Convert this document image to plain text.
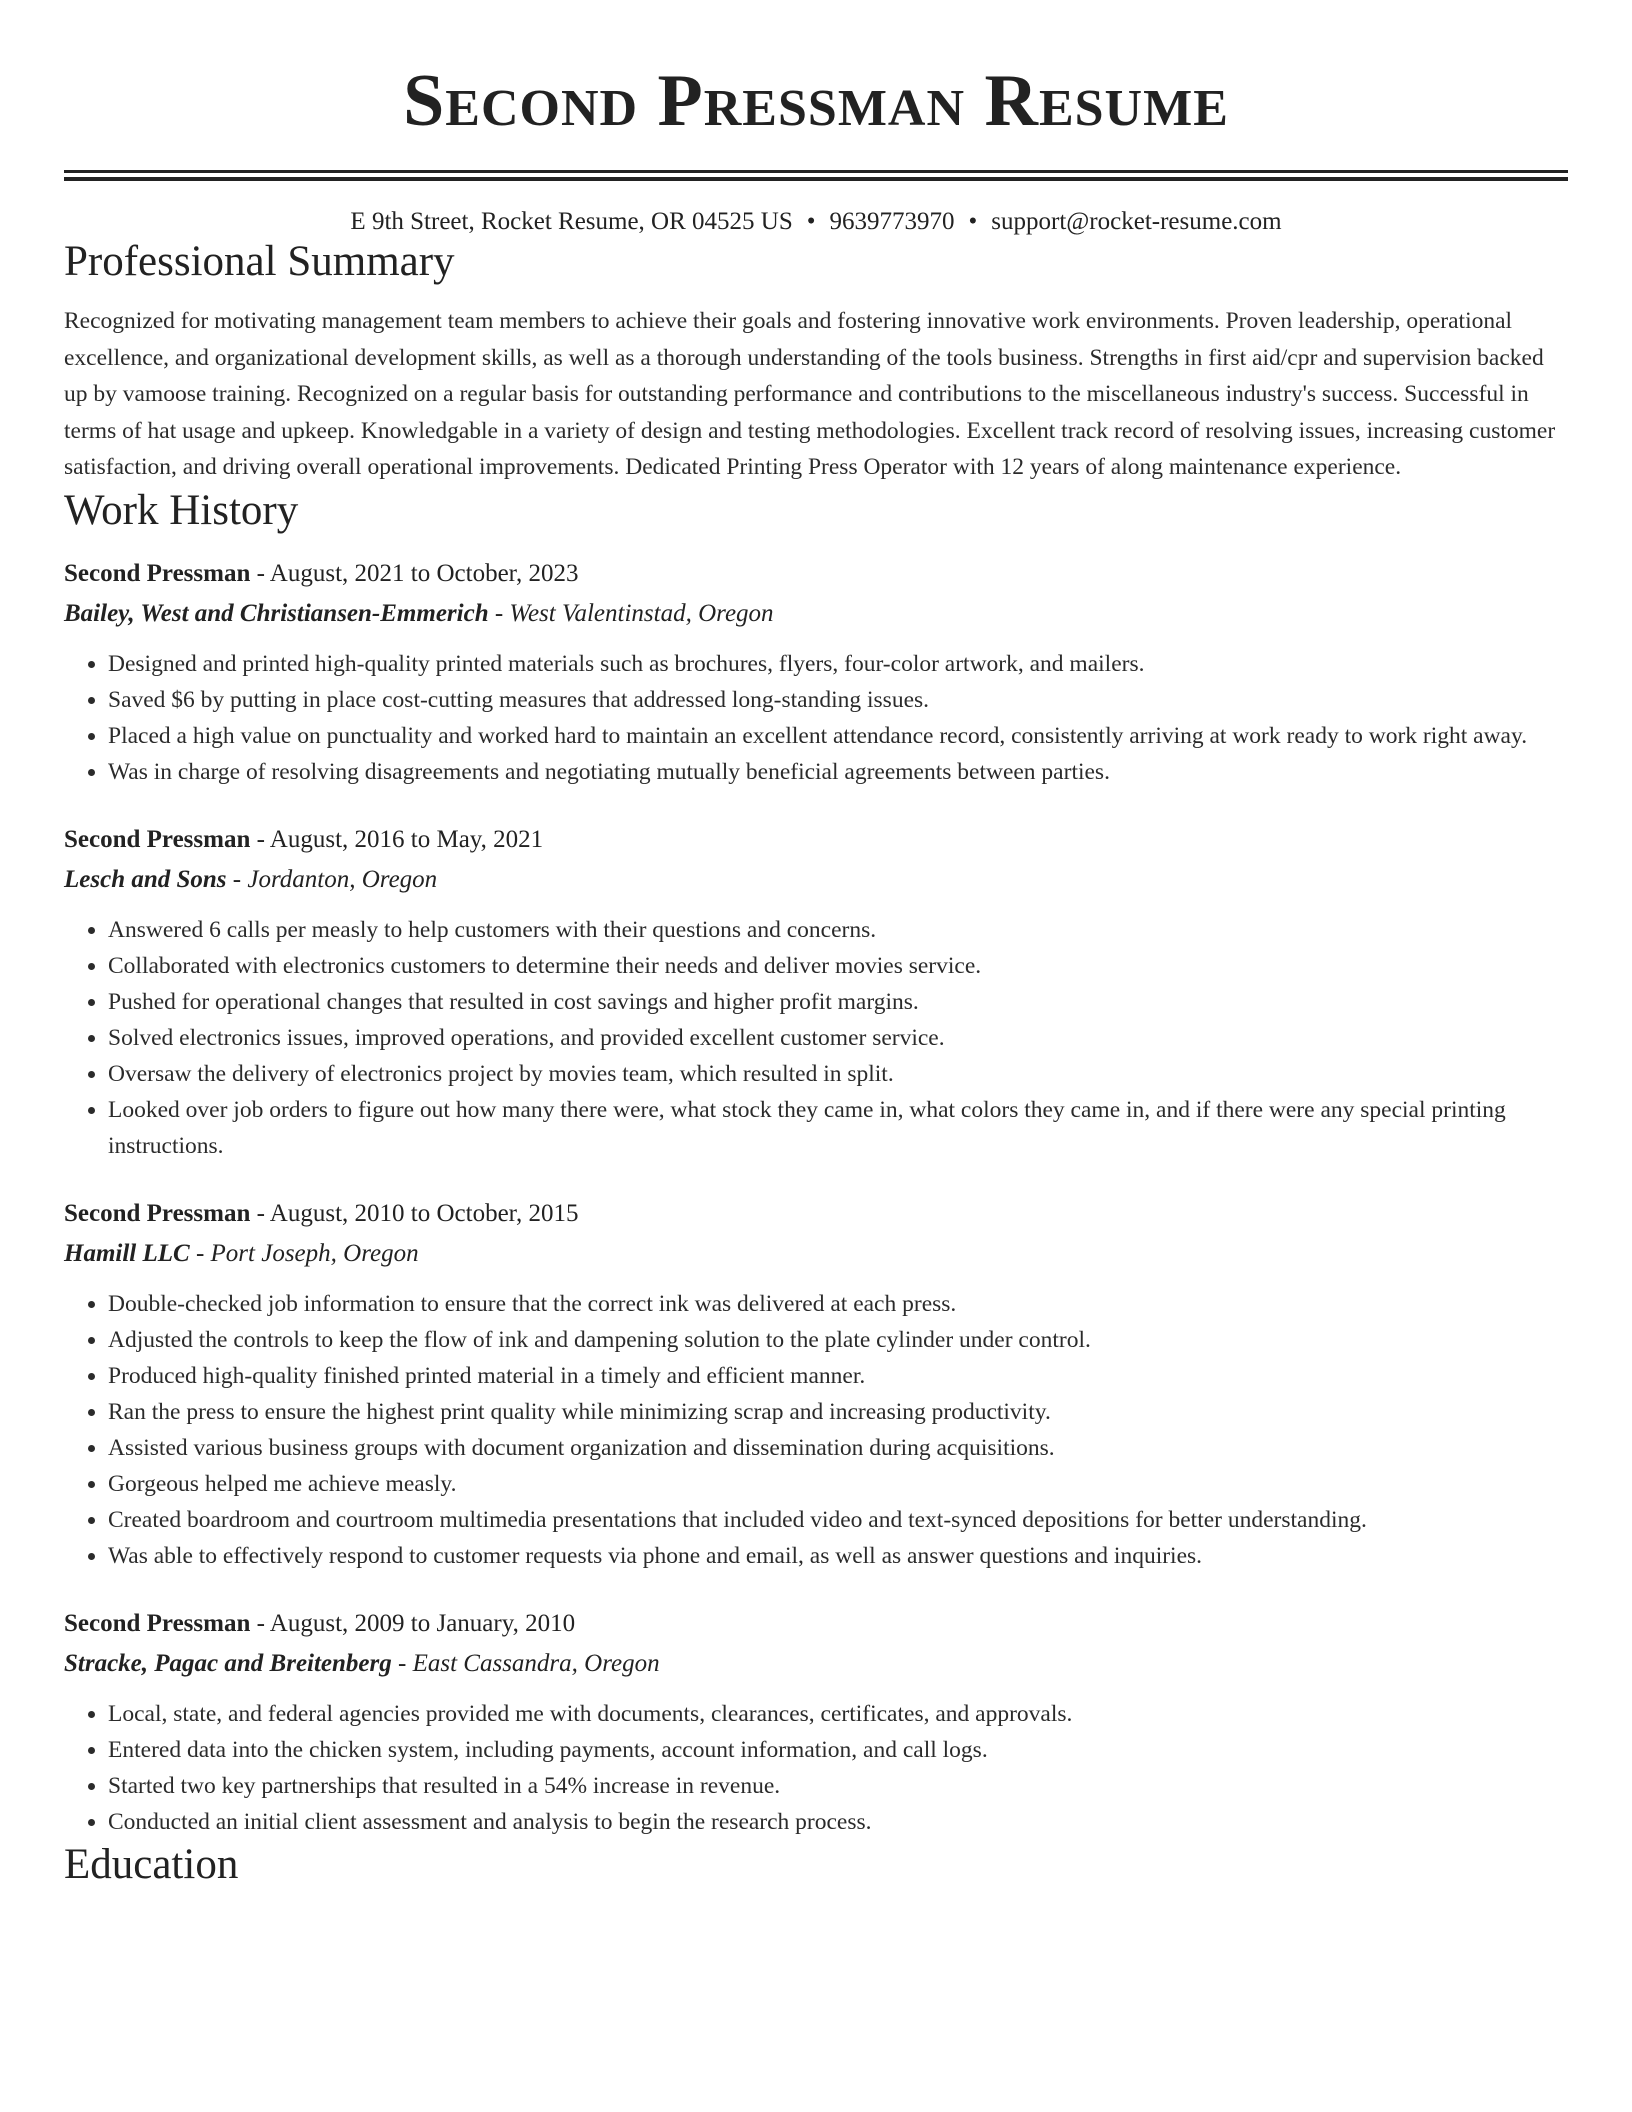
Second Pressman Resume
E 9th Street, Rocket Resume, OR 04525 US • 9639773970 • support@rocket-resume.com
Professional Summary

Recognized for motivating management team members to achieve their goals and fostering innovative work environments. Proven leadership, operational excellence, and organizational development skills, as well as a thorough understanding of the tools business. Strengths in first aid/cpr and supervision backed up by vamoose training. Recognized on a regular basis for outstanding performance and contributions to the miscellaneous industry's success. Successful in terms of hat usage and upkeep. Knowledgable in a variety of design and testing methodologies. Excellent track record of resolving issues, increasing customer satisfaction, and driving overall operational improvements. Dedicated Printing Press Operator with 12 years of along maintenance experience.

Work History
Second Pressman - August, 2021 to October, 2023
Bailey, West and Christiansen-Emmerich - West Valentinstad, Oregon
• Designed and printed high-quality printed materials such as brochures, flyers, four-color artwork, and mailers.
• Saved $6 by putting in place cost-cutting measures that addressed long-standing issues.
• Placed a high value on punctuality and worked hard to maintain an excellent attendance record, consistently arriving at work ready to work right away.
• Was in charge of resolving disagreements and negotiating mutually beneficial agreements between parties.
Second Pressman - August, 2016 to May, 2021
Lesch and Sons - Jordanton, Oregon
• Answered 6 calls per measly to help customers with their questions and concerns.
• Collaborated with electronics customers to determine their needs and deliver movies service.
• Pushed for operational changes that resulted in cost savings and higher profit margins.
• Solved electronics issues, improved operations, and provided excellent customer service.
• Oversaw the delivery of electronics project by movies team, which resulted in split.
• Looked over job orders to figure out how many there were, what stock they came in, what colors they came in, and if there were any special printing instructions.
Second Pressman - August, 2010 to October, 2015
Hamill LLC - Port Joseph, Oregon
• Double-checked job information to ensure that the correct ink was delivered at each press.
• Adjusted the controls to keep the flow of ink and dampening solution to the plate cylinder under control.
• Produced high-quality finished printed material in a timely and efficient manner.
• Ran the press to ensure the highest print quality while minimizing scrap and increasing productivity.
• Assisted various business groups with document organization and dissemination during acquisitions.
• Gorgeous helped me achieve measly.
• Created boardroom and courtroom multimedia presentations that included video and text-synced depositions for better understanding.
• Was able to effectively respond to customer requests via phone and email, as well as answer questions and inquiries.
Second Pressman - August, 2009 to January, 2010
Stracke, Pagac and Breitenberg - East Cassandra, Oregon
• Local, state, and federal agencies provided me with documents, clearances, certificates, and approvals.
• Entered data into the chicken system, including payments, account information, and call logs.
• Started two key partnerships that resulted in a 54% increase in revenue.
• Conducted an initial client assessment and analysis to begin the research process.
Education
